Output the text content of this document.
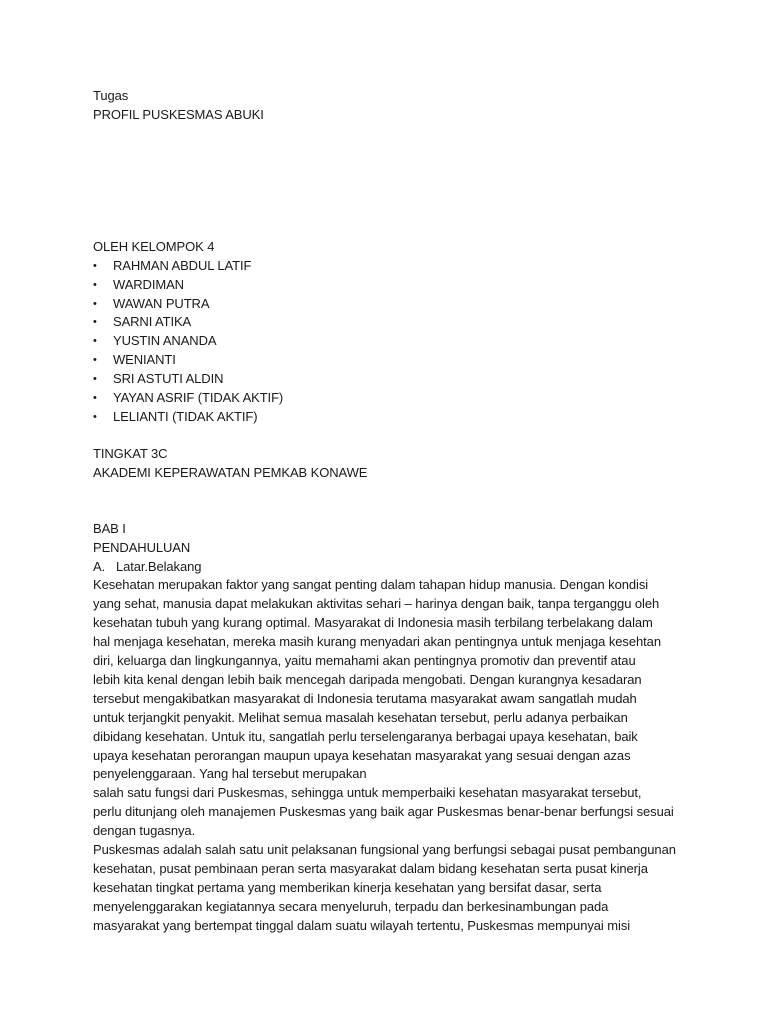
Tugas
PROFIL PUSKESMAS ABUKI
OLEH KELOMPOK 4
• RAHMAN ABDUL LATIF
• WARDIMAN
• WAWAN PUTRA
• SARNI ATIKA
• YUSTIN ANANDA
• WENIANTI
• SRI ASTUTI ALDIN
• YAYAN ASRIF (TIDAK AKTIF)
• LELIANTI (TIDAK AKTIF)
TINGKAT 3C
AKADEMI KEPERAWATAN PEMKAB KONAWE
BAB I
PENDAHULUAN
A. Latar.Belakang
Kesehatan merupakan faktor yang sangat penting dalam tahapan hidup manusia. Dengan kondisi
yang sehat, manusia dapat melakukan aktivitas sehari – harinya dengan baik, tanpa terganggu oleh
kesehatan tubuh yang kurang optimal. Masyarakat di Indonesia masih terbilang terbelakang dalam
hal menjaga kesehatan, mereka masih kurang menyadari akan pentingnya untuk menjaga kesehtan
diri, keluarga dan lingkungannya, yaitu memahami akan pentingnya promotiv dan preventif atau
lebih kita kenal dengan lebih baik mencegah daripada mengobati. Dengan kurangnya kesadaran
tersebut mengakibatkan masyarakat di Indonesia terutama masyarakat awam sangatlah mudah
untuk terjangkit penyakit. Melihat semua masalah kesehatan tersebut, perlu adanya perbaikan
dibidang kesehatan. Untuk itu, sangatlah perlu terselengaranya berbagai upaya kesehatan, baik
upaya kesehatan perorangan maupun upaya kesehatan masyarakat yang sesuai dengan azas
penyelenggaraan. Yang hal tersebut merupakan
salah satu fungsi dari Puskesmas, sehingga untuk memperbaiki kesehatan masyarakat tersebut,
perlu ditunjang oleh manajemen Puskesmas yang baik agar Puskesmas benar-benar berfungsi sesuai
dengan tugasnya.
Puskesmas adalah salah satu unit pelaksanan fungsional yang berfungsi sebagai pusat pembangunan
kesehatan, pusat pembinaan peran serta masyarakat dalam bidang kesehatan serta pusat kinerja
kesehatan tingkat pertama yang memberikan kinerja kesehatan yang bersifat dasar, serta
menyelenggarakan kegiatannya secara menyeluruh, terpadu dan berkesinambungan pada
masyarakat yang bertempat tinggal dalam suatu wilayah tertentu, Puskesmas mempunyai misi
